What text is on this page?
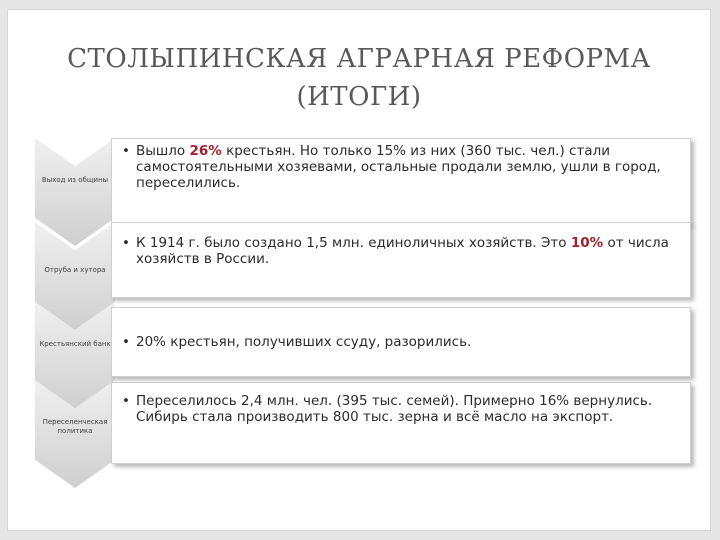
СТОЛЫПИНСКАЯ АГРАРНАЯ РЕФОРМА
(ИТОГИ)
Выход из общины
• Вышло 26% крестьян. Но только 15% из них (360 тыс. чел.) стали самостоятельными хозяевами, остальные продали землю, ушли в город, переселились.
Отруба и хутора
• К 1914 г. было создано 1,5 млн. единоличных хозяйств. Это 10% от числа хозяйств в России.
Крестьянский банк • 20% крестьян, получивших ссуду, разорились.
Переселенческая политика
• Переселилось 2,4 млн. чел. (395 тыс. семей). Примерно 16% вернулись. Сибирь стала производить 800 тыс. зерна и всё масло на экспорт.
